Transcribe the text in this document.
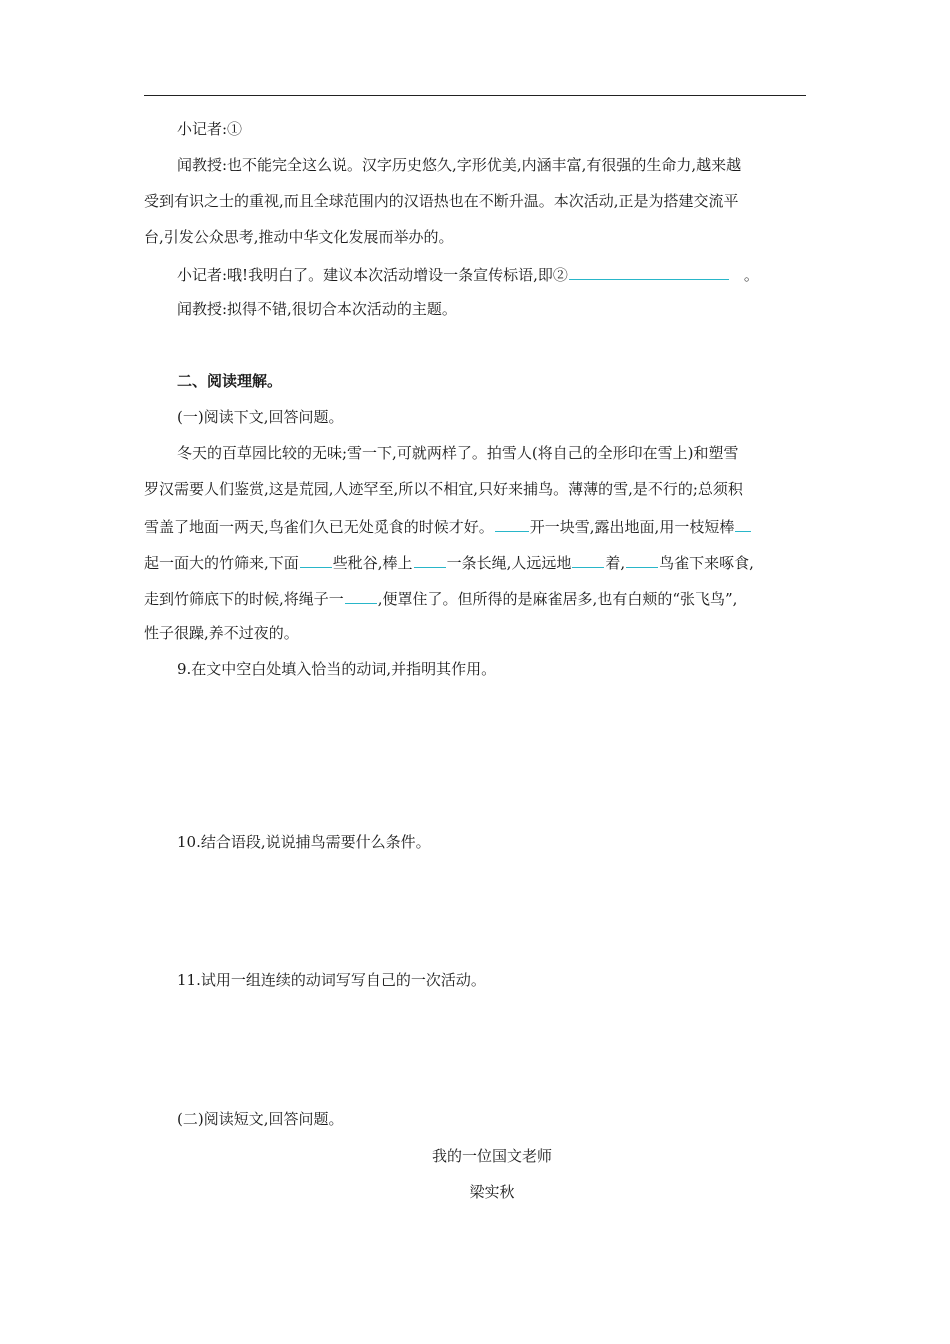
小记者:①
闻教授:也不能完全这么说。汉字历史悠久,字形优美,内涵丰富,有很强的生命力,越来越
受到有识之士的重视,而且全球范围内的汉语热也在不断升温。本次活动,正是为搭建交流平
台,引发公众思考,推动中华文化发展而举办的。
小记者:哦!我明白了。建议本次活动增设一条宣传标语,即②	。
闻教授:拟得不错,很切合本次活动的主题。
二、阅读理解。
(一)阅读下文,回答问题。
冬天的百草园比较的无味;雪一下,可就两样了。拍雪人(将自己的全形印在雪上)和塑雪
罗汉需要人们鉴赏,这是荒园,人迹罕至,所以不相宜,只好来捕鸟。薄薄的雪,是不行的;总须积
雪盖了地面一两天,鸟雀们久已无处觅食的时候才好。 开一块雪,露出地面,用一枝短棒
起一面大的竹筛来,下面 些秕谷,棒上 一条长绳,人远远地 着, 鸟雀下来啄食,
走到竹筛底下的时候,将绳子一 ,便罩住了。但所得的是麻雀居多,也有白颊的“张飞鸟”,
性子很躁,养不过夜的。
9.在文中空白处填入恰当的动词,并指明其作用。
10.结合语段,说说捕鸟需要什么条件。
11.试用一组连续的动词写写自己的一次活动。
(二)阅读短文,回答问题。
我的一位国文老师
梁实秋
